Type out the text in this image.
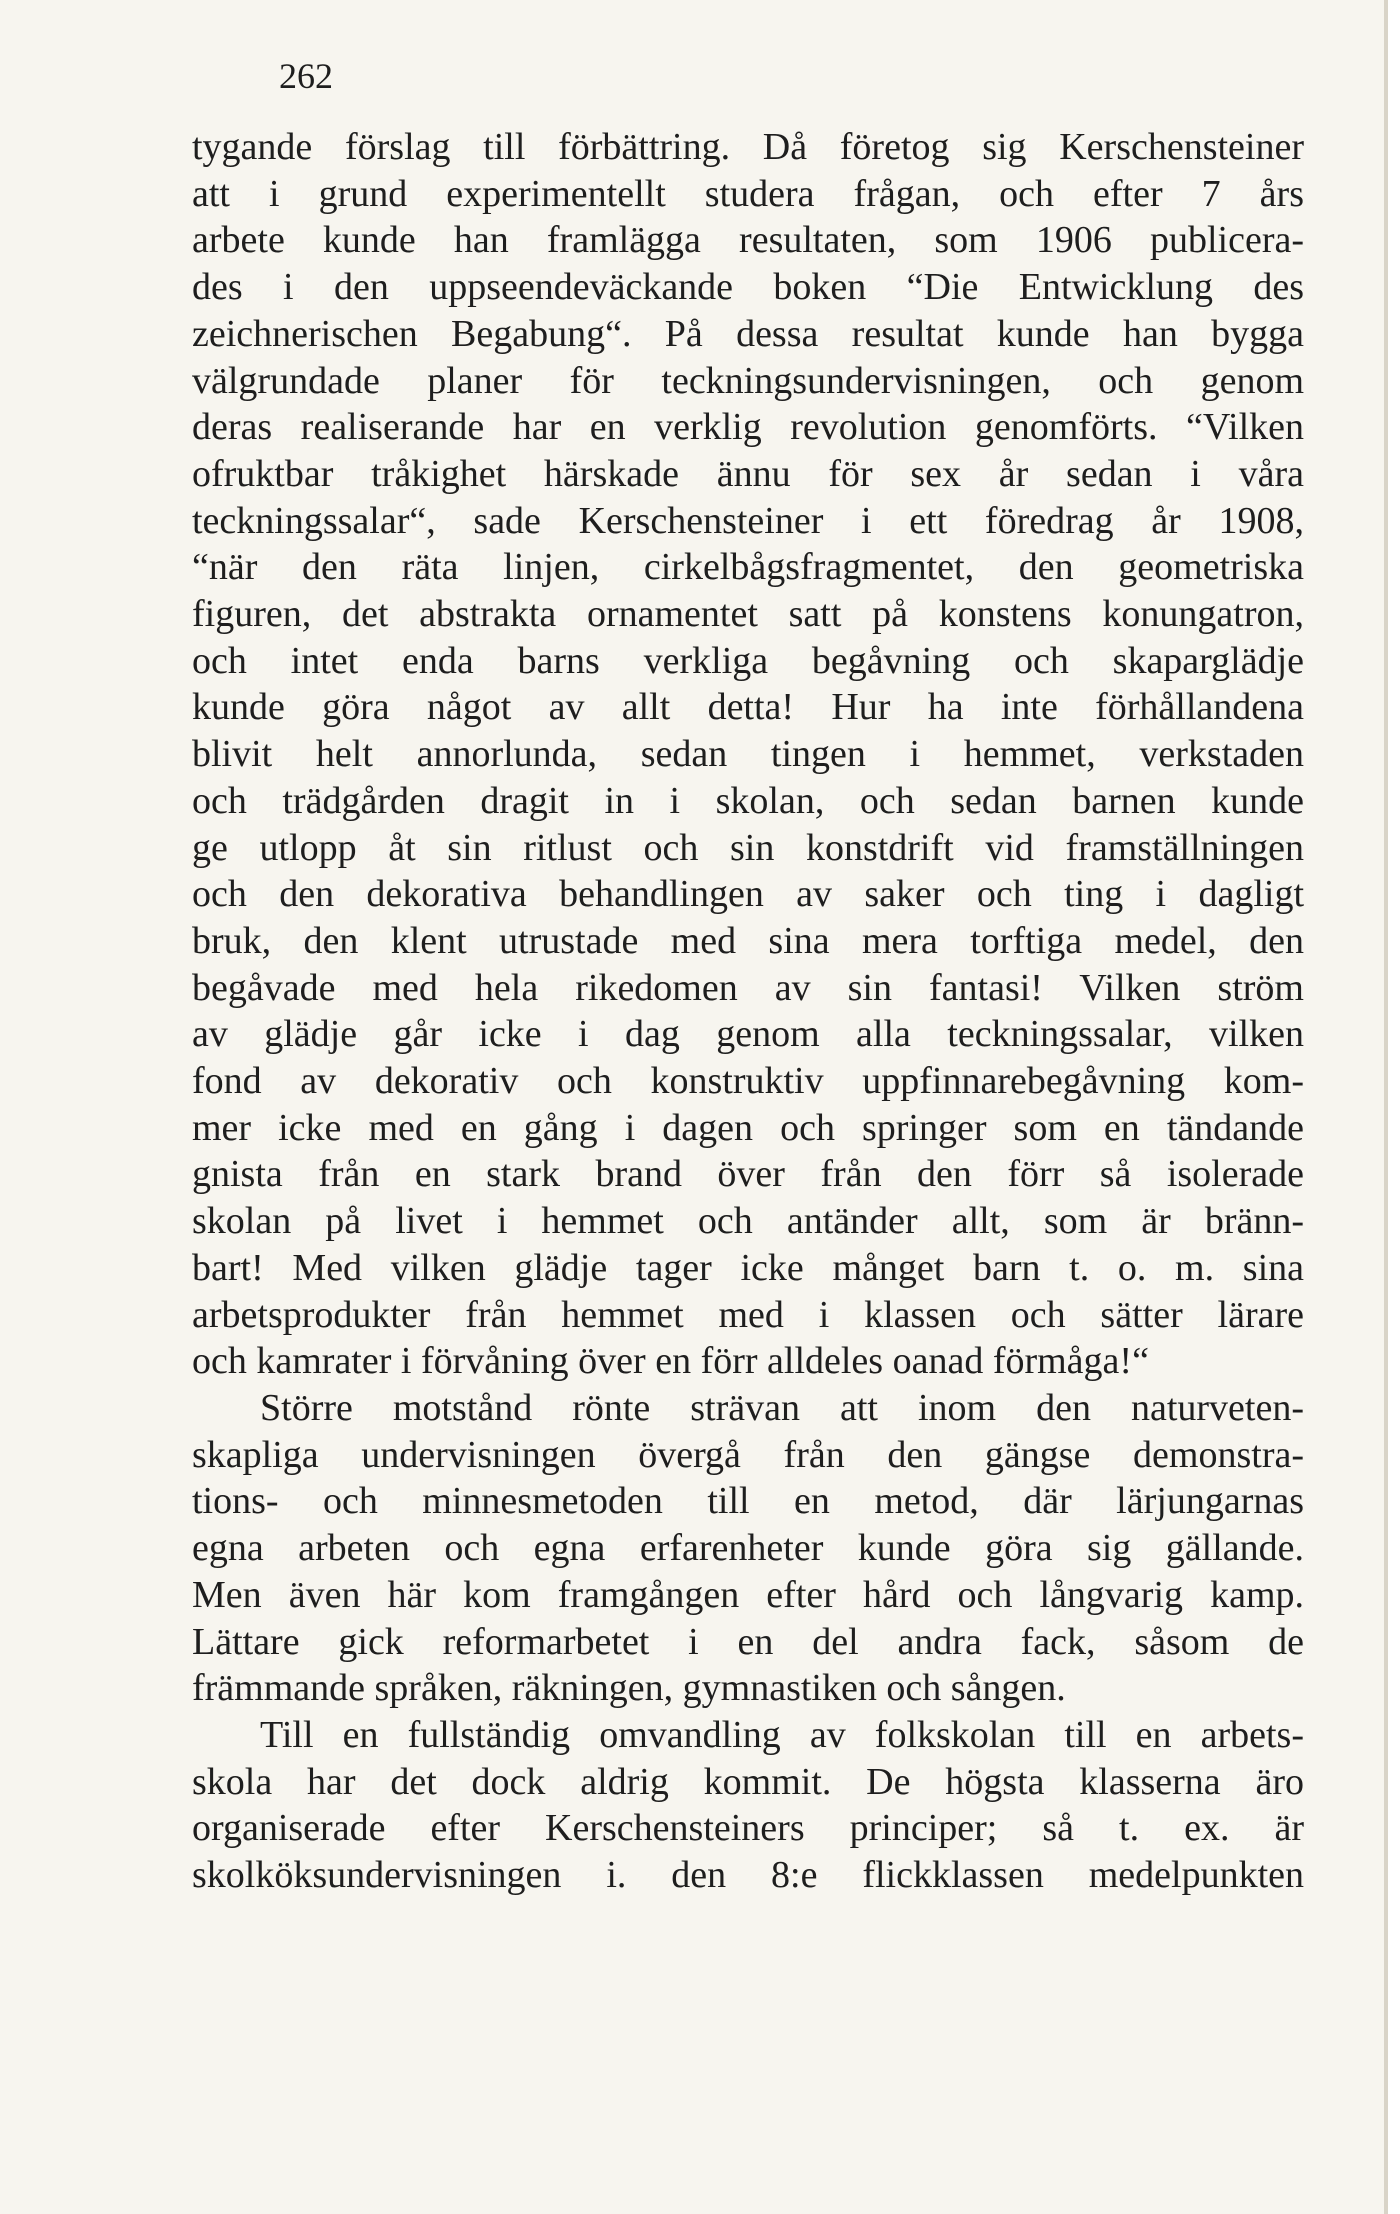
262
tygande förslag till förbättring. Då företog sig Kerschensteiner
att i grund experimentellt studera frågan, och efter 7 års
arbete kunde han framlägga resultaten, som 1906 publicera-
des i den uppseendeväckande boken “Die Entwicklung des
zeichnerischen Begabung“. På dessa resultat kunde han bygga
välgrundade planer för teckningsundervisningen, och genom
deras realiserande har en verklig revolution genomförts. “Vilken
ofruktbar tråkighet härskade ännu för sex år sedan i våra
teckningssalar“, sade Kerschensteiner i ett föredrag år 1908,
“när den räta linjen, cirkelbågsfragmentet, den geometriska
figuren, det abstrakta ornamentet satt på konstens konungatron,
och intet enda barns verkliga begåvning och skaparglädje
kunde göra något av allt detta! Hur ha inte förhållandena
blivit helt annorlunda, sedan tingen i hemmet, verkstaden
och trädgården dragit in i skolan, och sedan barnen kunde
ge utlopp åt sin ritlust och sin konstdrift vid framställningen
och den dekorativa behandlingen av saker och ting i dagligt
bruk, den klent utrustade med sina mera torftiga medel, den
begåvade med hela rikedomen av sin fantasi! Vilken ström
av glädje går icke i dag genom alla teckningssalar, vilken
fond av dekorativ och konstruktiv uppfinnarebegåvning kom-
mer icke med en gång i dagen och springer som en tändande
gnista från en stark brand över från den förr så isolerade
skolan på livet i hemmet och antänder allt, som är bränn-
bart! Med vilken glädje tager icke månget barn t. o. m. sina
arbetsprodukter från hemmet med i klassen och sätter lärare
och kamrater i förvåning över en förr alldeles oanad förmåga!“
Större motstånd rönte strävan att inom den naturveten-
skapliga undervisningen övergå från den gängse demonstra-
tions- och minnesmetoden till en metod, där lärjungarnas
egna arbeten och egna erfarenheter kunde göra sig gällande.
Men även här kom framgången efter hård och långvarig kamp.
Lättare gick reformarbetet i en del andra fack, såsom de
främmande språken, räkningen, gymnastiken och sången.
Till en fullständig omvandling av folkskolan till en arbets-
skola har det dock aldrig kommit. De högsta klasserna äro
organiserade efter Kerschensteiners principer; så t. ex. är
skolköksundervisningen i. den 8:e flickklassen medelpunkten
